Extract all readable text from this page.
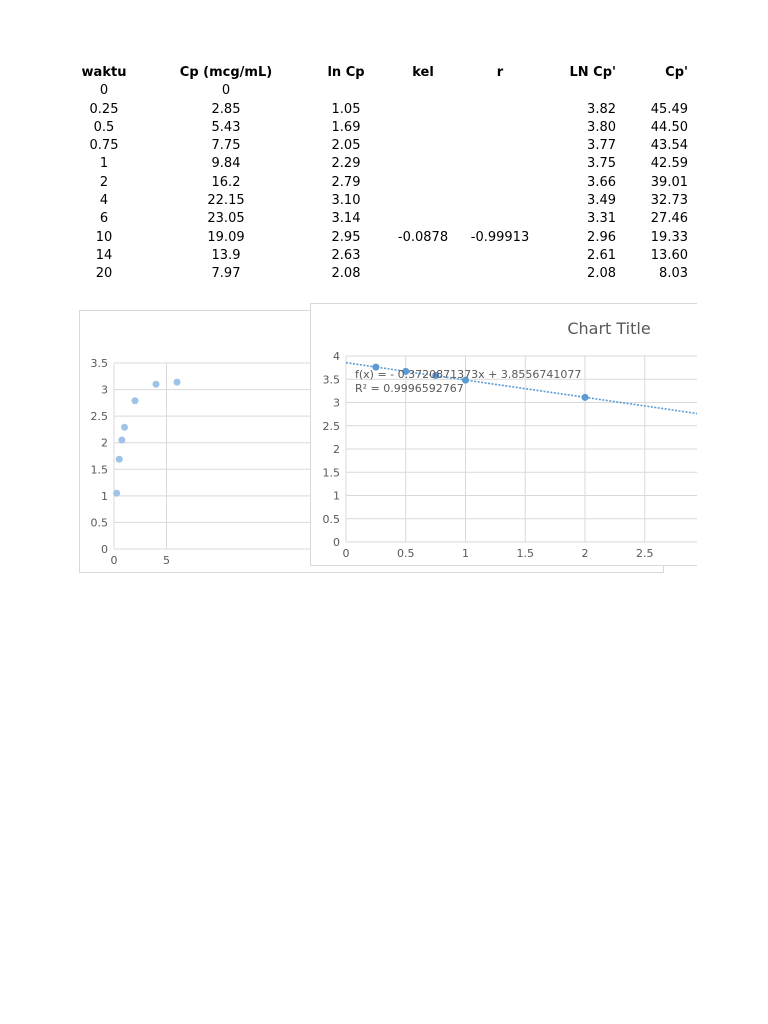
waktu	Cp (mcg/mL)	ln Cp	kel	r	LN Cp'	Cp'
0	0					
0.25	2.85	1.05			3.82	45.49
0.5	5.43	1.69			3.80	44.50
0.75	7.75	2.05			3.77	43.54
1	9.84	2.29			3.75	42.59
2	16.2	2.79			3.66	39.01
4	22.15	3.10			3.49	32.73
6	23.05	3.14			3.31	27.46
10	19.09	2.95	-0.0878	-0.99913	2.96	19.33
14	13.9	2.63			2.61	13.60
20	7.97	2.08			2.08	8.03
0
0.5
1
1.5
2
2.5
3
3.5
0	5
Chart Title
0
0.5
1
1.5
2
2.5
3
3.5
4
0	0.5	1	1.5	2	2.5
f(x) = - 0.3720871373x + 3.8556741077
R² = 0.9996592767
